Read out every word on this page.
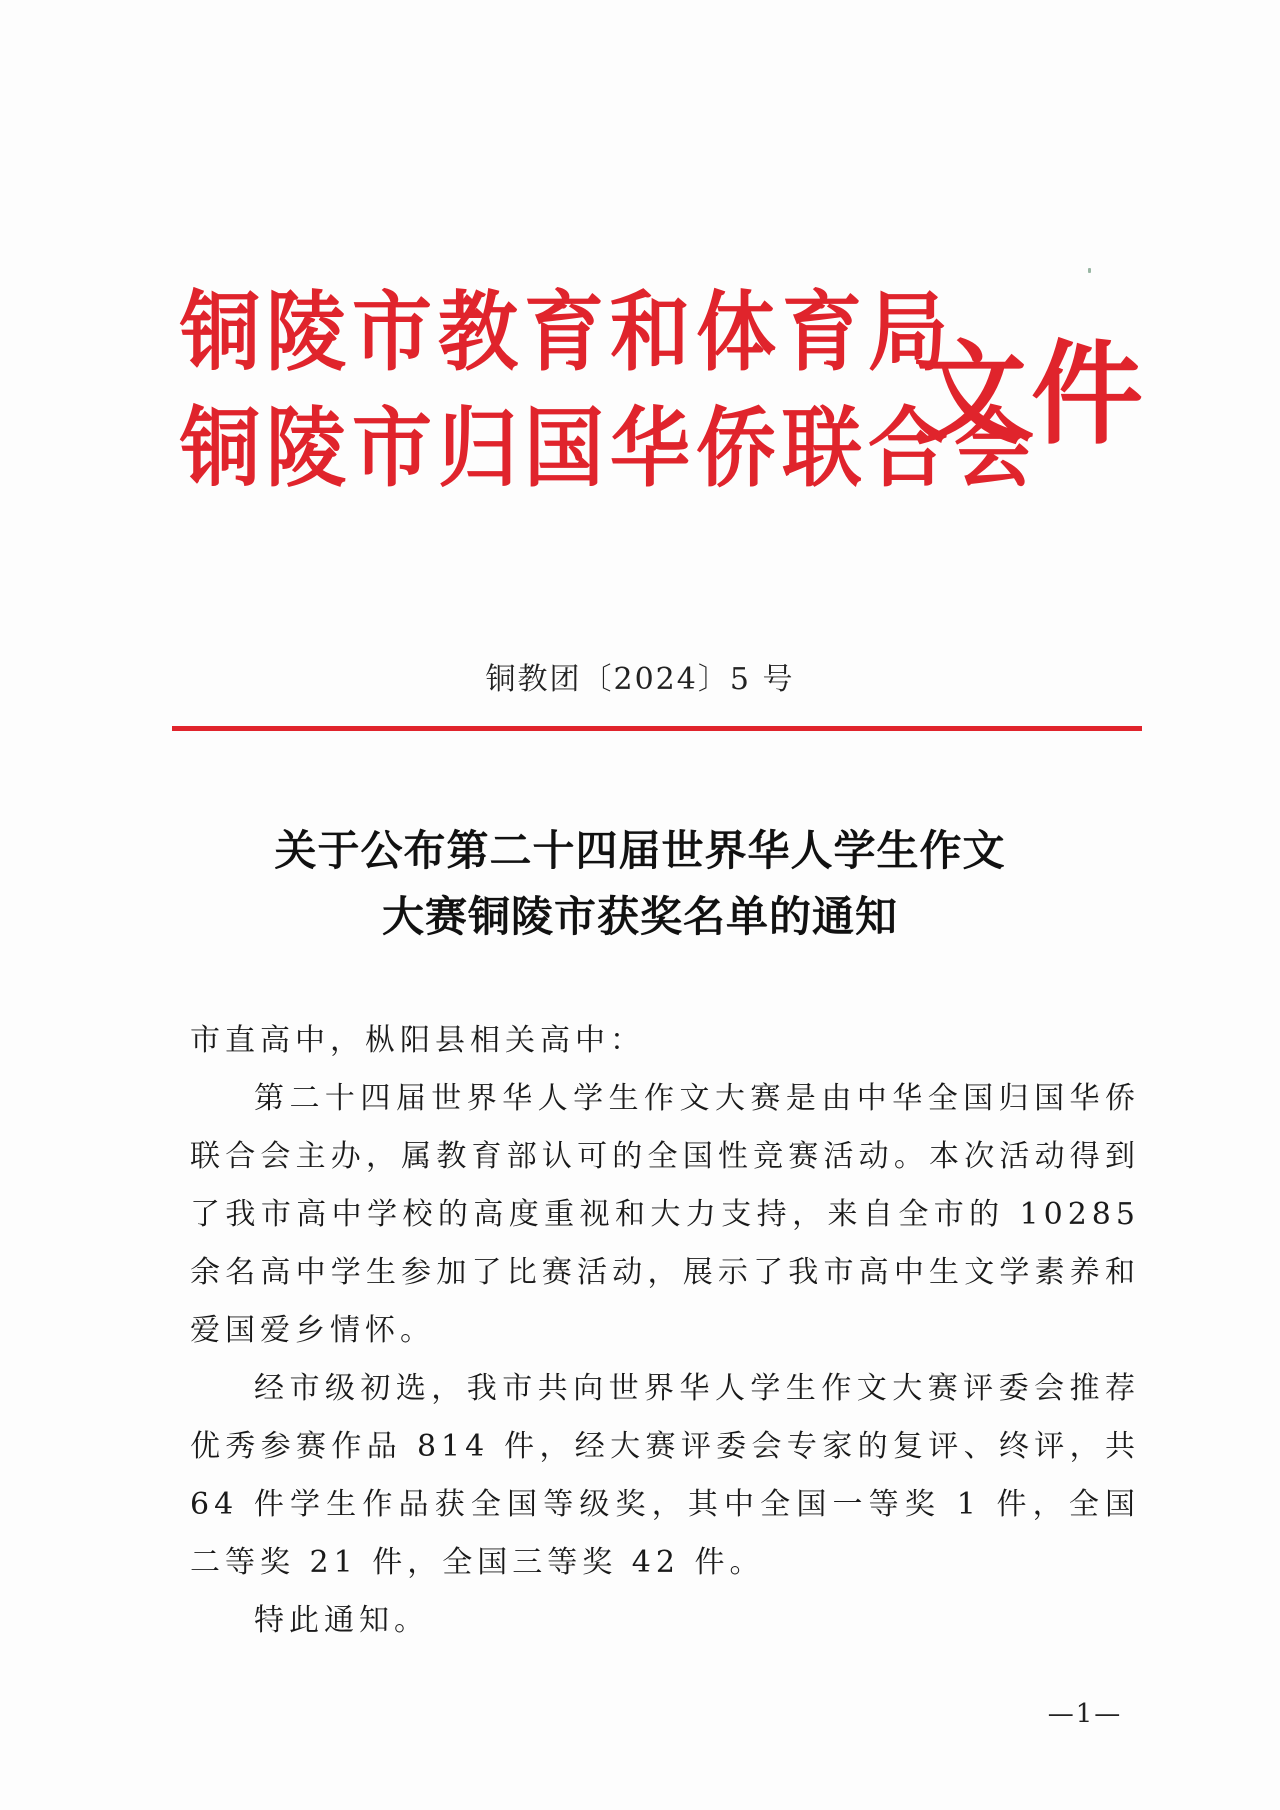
铜陵市教育和体育局
铜陵市归国华侨联合会
文件
铜教团〔2024〕5 号
关于公布第二十四届世界华人学生作文
大赛铜陵市获奖名单的通知

市直高中，枞阳县相关高中：

第二十四届世界华人学生作文大赛是由中华全国归国华侨联合会主办，属教育部认可的全国性竞赛活动。本次活动得到了我市高中学校的高度重视和大力支持，来自全市的 10285 余名高中学生参加了比赛活动，展示了我市高中生文学素养和爱国爱乡情怀。

经市级初选，我市共向世界华人学生作文大赛评委会推荐优秀参赛作品 814 件，经大赛评委会专家的复评、终评，共 64 件学生作品获全国等级奖，其中全国一等奖 1 件，全国二等奖 21 件，全国三等奖 42 件。

特此通知。

—1—
